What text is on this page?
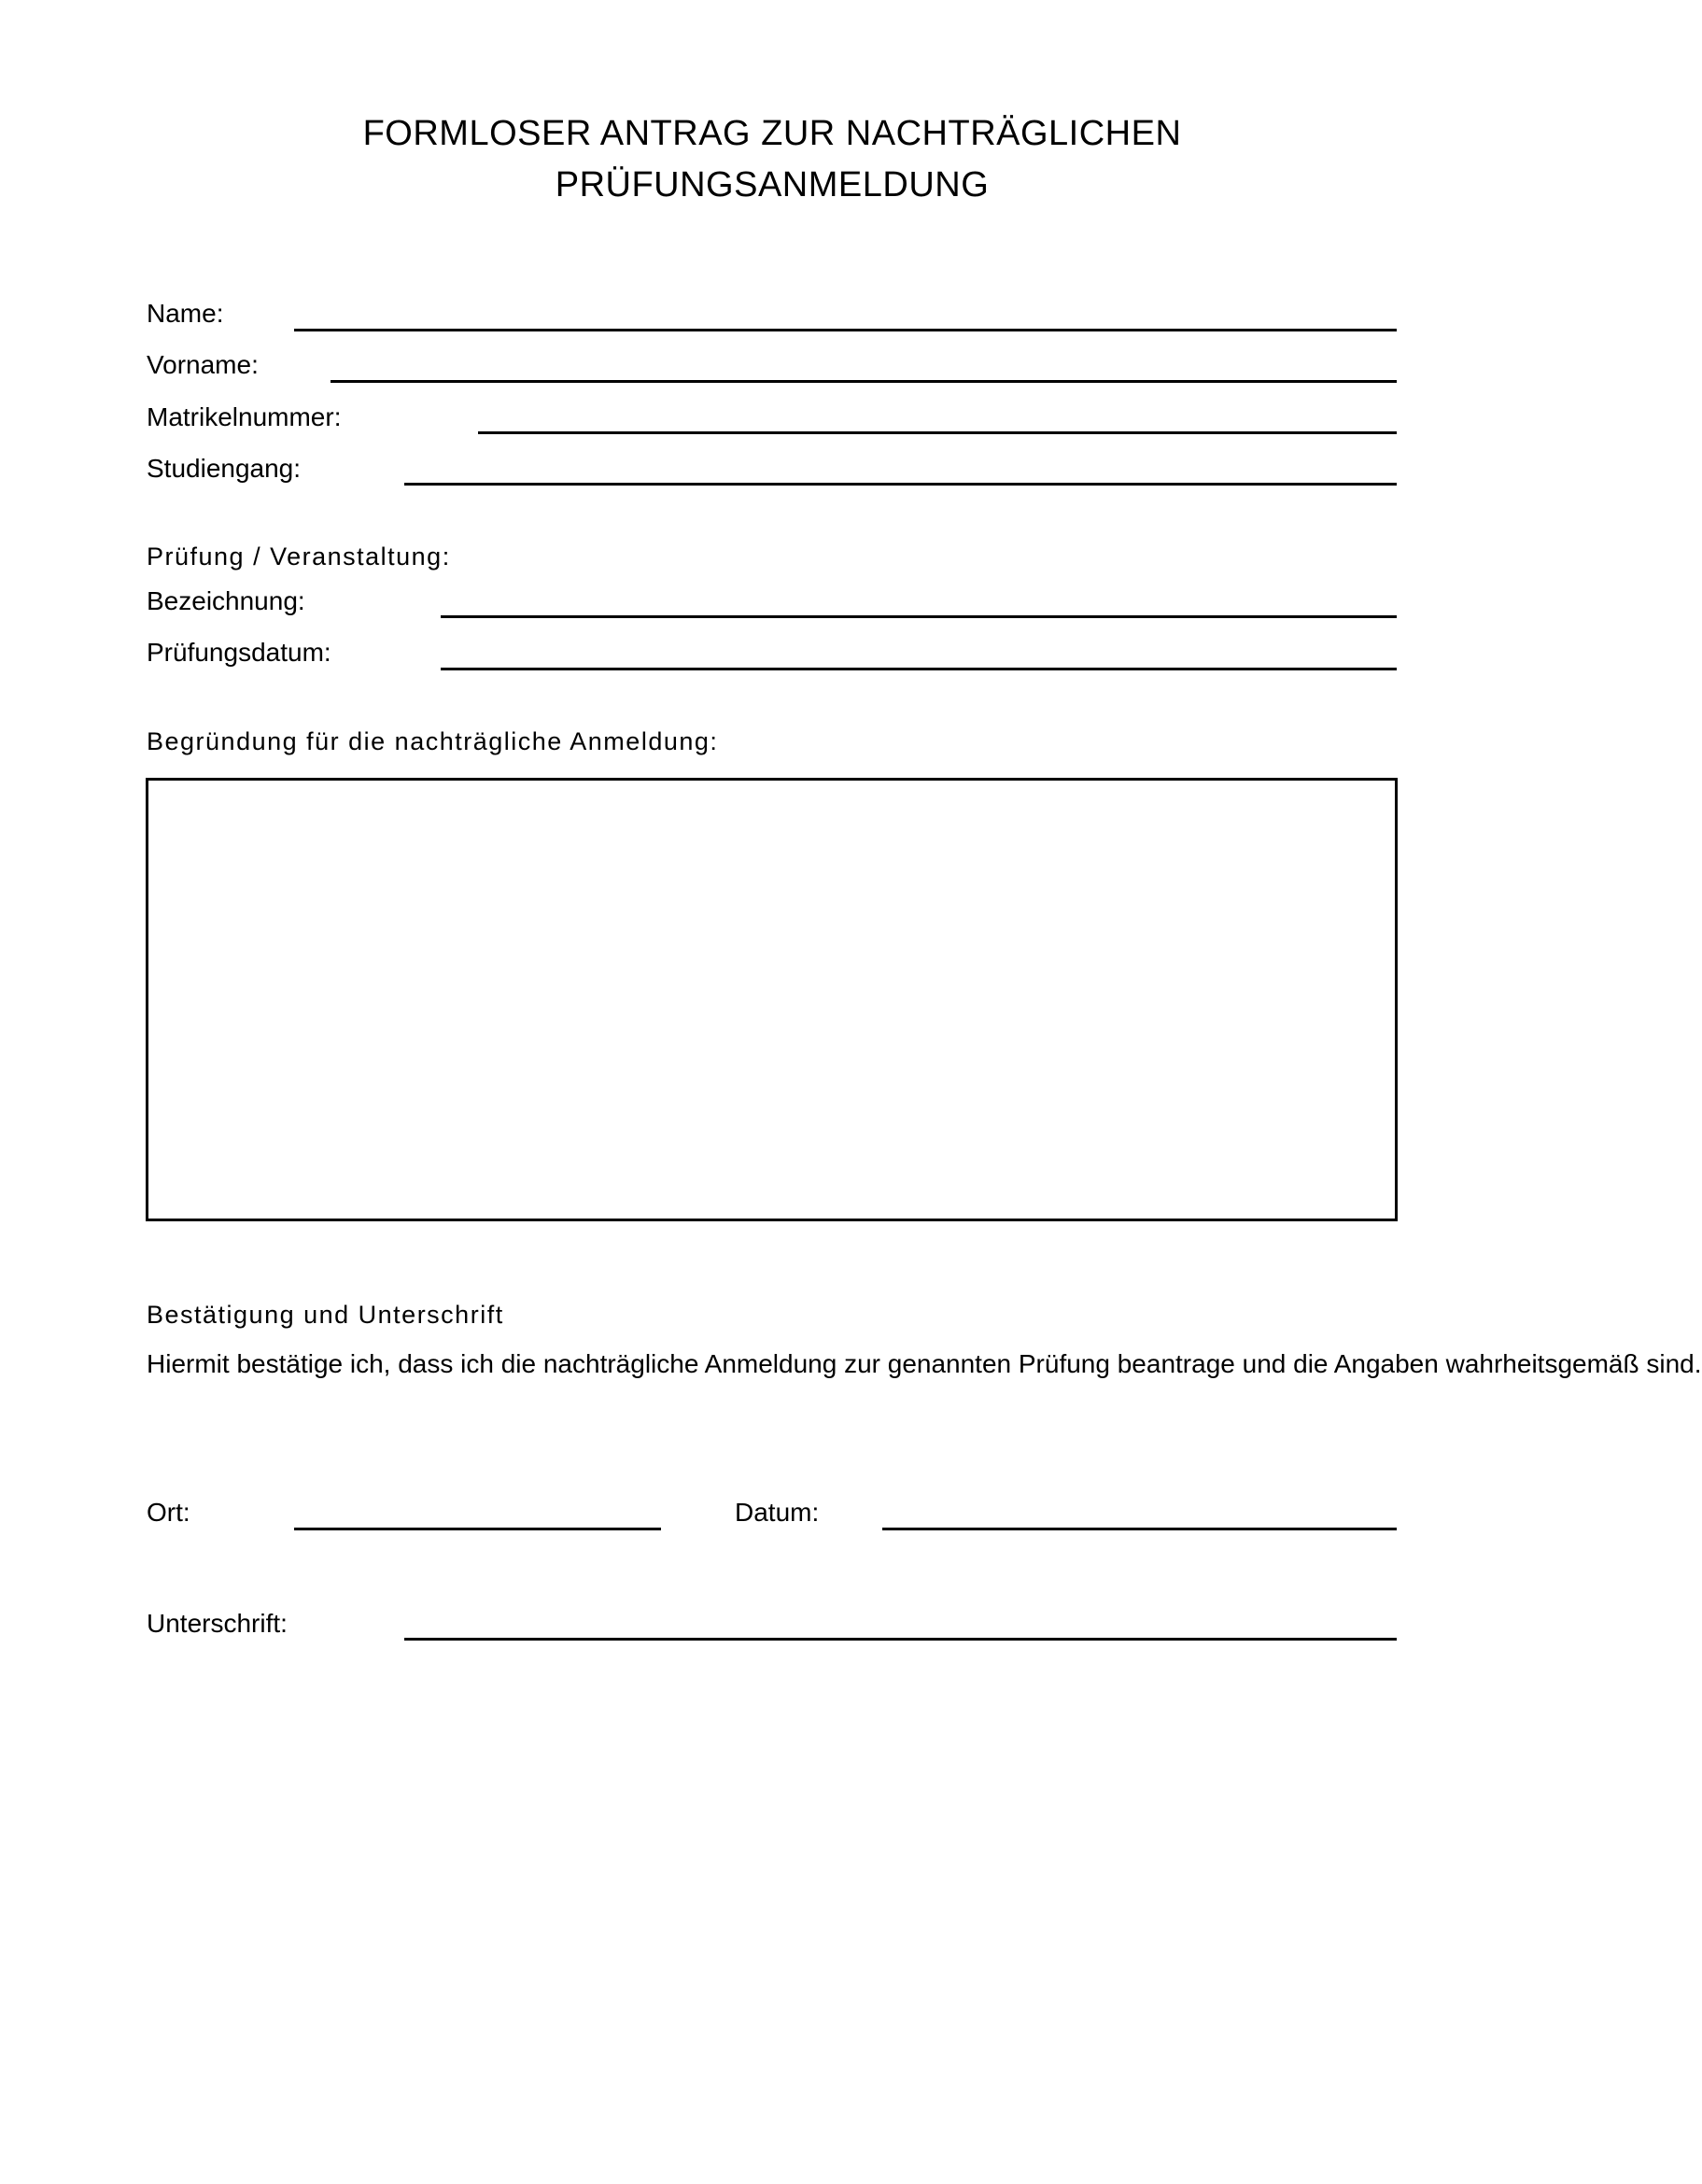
FORMLOSER ANTRAG ZUR NACHTRÄGLICHEN
PRÜFUNGSANMELDUNG
Name:
Vorname:
Matrikelnummer:
Studiengang:
Prüfung / Veranstaltung:
Bezeichnung:
Prüfungsdatum:
Begründung für die nachträgliche Anmeldung:
Bestätigung und Unterschrift
Hiermit bestätige ich, dass ich die nachträgliche Anmeldung zur genannten Prüfung beantrage und die Angaben wahrheitsgemäß sind.
Ort:	Datum:
Unterschrift:
